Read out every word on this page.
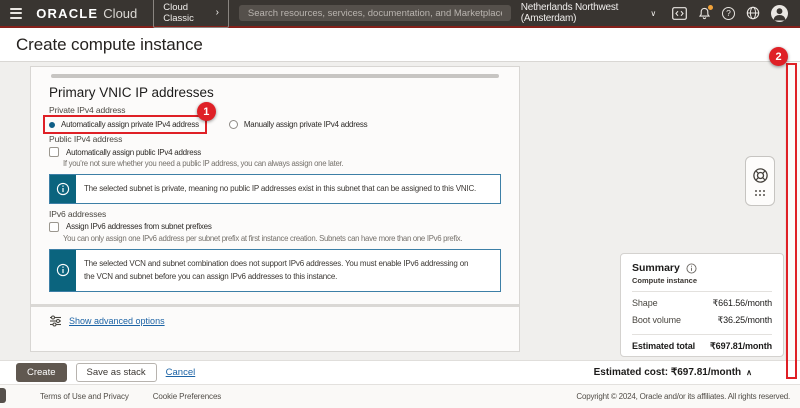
ORACLE Cloud	Cloud Classic
›
Search resources, services, documentation, and Marketplace	Netherlands Northwest (Amsterdam)	∨	?
Create compute instance
Primary VNIC IP addresses
Private IPv4 address
Automatically assign private IPv4 address
1
Manually assign private IPv4 address
Public IPv4 address
Automatically assign public IPv4 address
If you're not sure whether you need a public IP address, you can always assign one later.
The selected subnet is private, meaning no public IP addresses exist in this subnet that can be assigned to this VNIC.
IPv6 addresses
Assign IPv6 addresses from subnet prefixes
You can only assign one IPv6 address per subnet prefix at first instance creation. Subnets can have more than one IPv6 prefix.
The selected VCN and subnet combination does not support IPv6 addresses. You must enable IPv6 addressing on the VCN and subnet before you can assign IPv6 addresses to this instance.
Show advanced options
Summary
Compute instance
Shape	₹661.56/month
Boot volume	₹36.25/month
Estimated total ₹697.81/month
Create	Save as stack	Cancel	Estimated cost: ₹697.81/month ∧
Terms of Use and Privacy	Cookie Preferences	Copyright © 2024, Oracle and/or its affiliates. All rights reserved.
2
